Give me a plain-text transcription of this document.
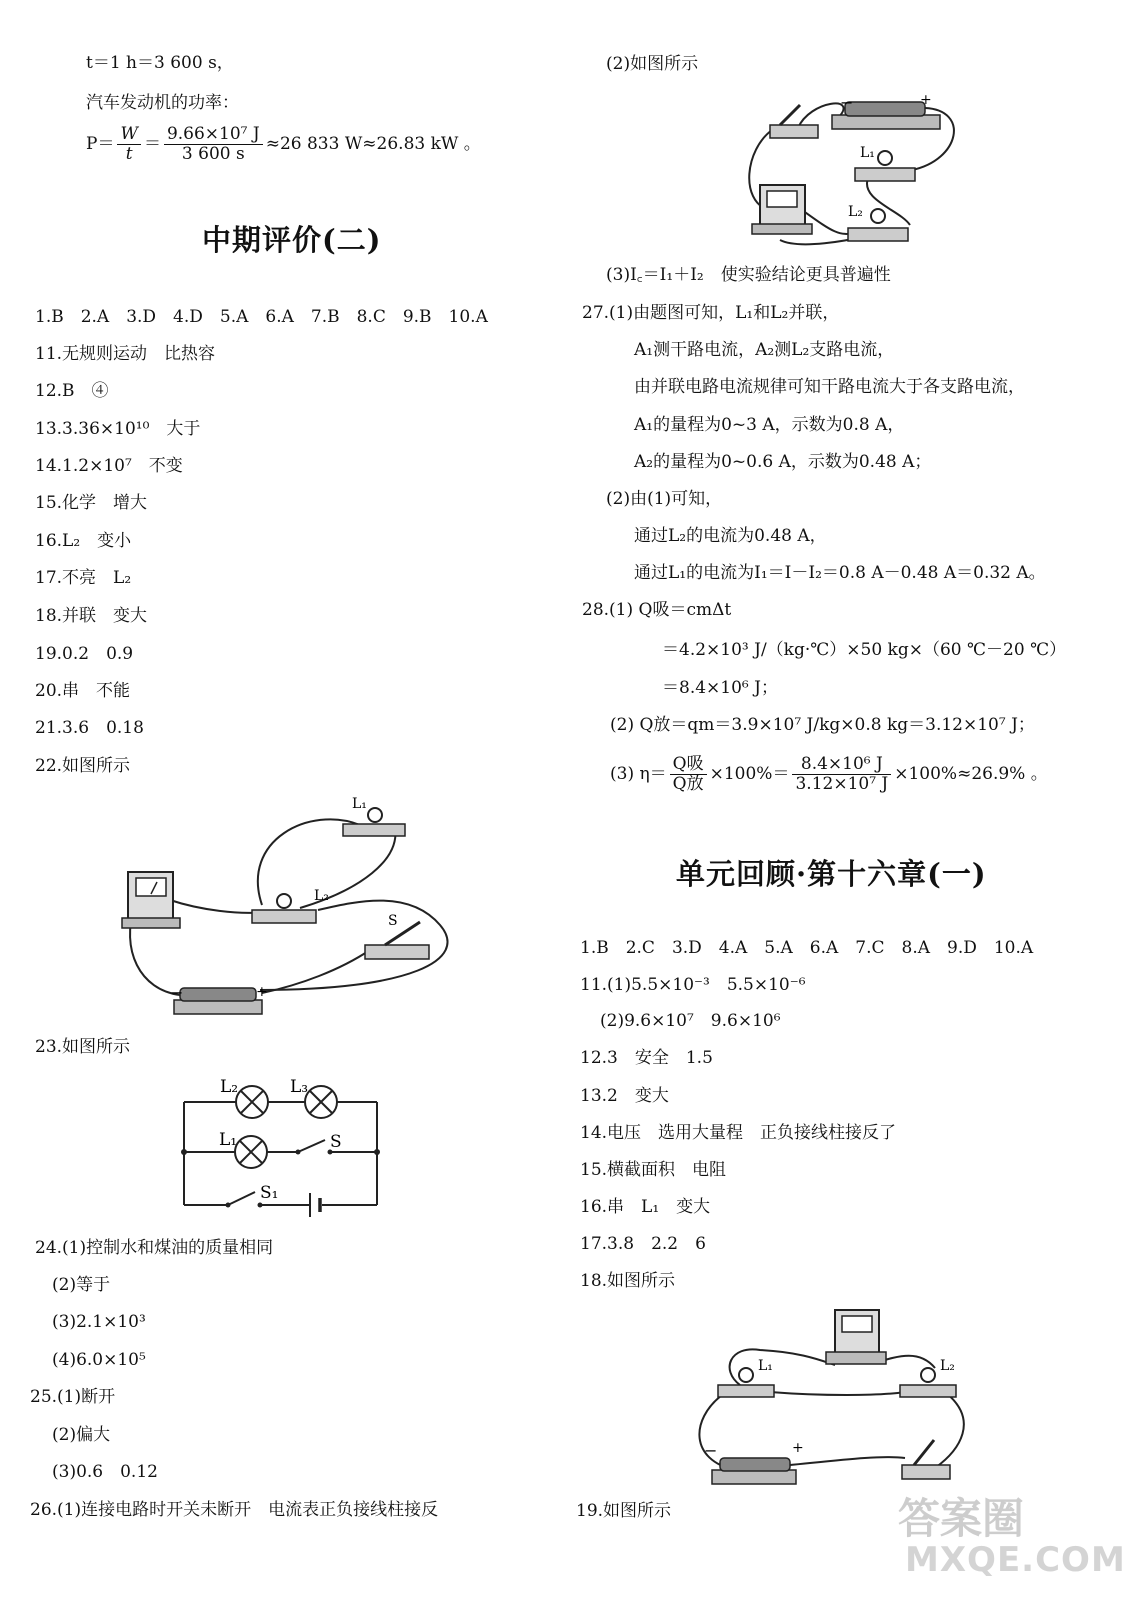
t＝1 h＝3 600 s，
汽车发动机的功率：
$P= \frac{W}{t} = \frac{\text{9.66×10⁷ J}}{3 600 s} \approx 26$ 833 W≈26.83 kW 。
中期评价(二)
1.B　2.A　3.D　4.D　5.A　6.A　7.B　8.C　9.B　10.A
11.无规则运动　比热容
12.B　④
13.3.36×10¹⁰　大于
14.1.2×10⁷　不变
15.化学　增大
16.L₂　变小
17.不亮　L₂
18.并联　变大
19.0.2　0.9
20.串　不能
21.3.6　0.18
22.如图所示
L₁
L₂
S
−	+
23.如图所示
L₂	L₃
L₁	S
S₁
24.(1)控制水和煤油的质量相同
(2)等于
(3)2.1×10³
(4)6.0×10⁵
25.(1)断开
(2)偏大
(3)0.6　0.12
26.(1)连接电路时开关未断开　电流表正负接线柱接反
(2)如图所示
−	+
L₁
L₂
(3)I꜀＝I₁＋I₂　使实验结论更具普遍性
27.(1)由题图可知，L₁和L₂并联，
A₁测干路电流，A₂测L₂支路电流，
由并联电路电流规律可知干路电流大于各支路电流，
A₁的量程为0~3 A，示数为0.8 A，
A₂的量程为0~0.6 A，示数为0.48 A；
(2)由(1)可知，
通过L₂的电流为0.48 A，
通过L₁的电流为I₁＝I－I₂＝0.8 A－0.48 A＝0.32 A。
28.(1) Q吸＝cmΔt
＝4.2×10³ J/（kg·℃）×50 kg×（60 ℃－20 ℃）
＝8.4×10⁶ J；
(2) Q放＝qm＝3.9×10⁷ J/kg×0.8 kg＝3.12×10⁷ J；
(3) $\eta= \frac{\text{Q吸}}{\text{Q放}} \times 100\%= \frac{\text{8.4×10⁶ J}}{\text{3.12×10⁷ J}} \times 100\%\approx 26.9\%$ 。
单元回顾·第十六章(一)
1.B　2.C　3.D　4.A　5.A　6.A　7.C　8.A　9.D　10.A
11.(1)5.5×10⁻³　5.5×10⁻⁶
(2)9.6×10⁷　9.6×10⁶
12.3　安全　1.5
13.2　变大
14.电压　选用大量程　正负接线柱接反了
15.横截面积　电阻
16.串　L₁　变大
17.3.8　2.2　6
18.如图所示
L₁	L₂
−	+
19.如图所示	答案圈
MXQE.COM
